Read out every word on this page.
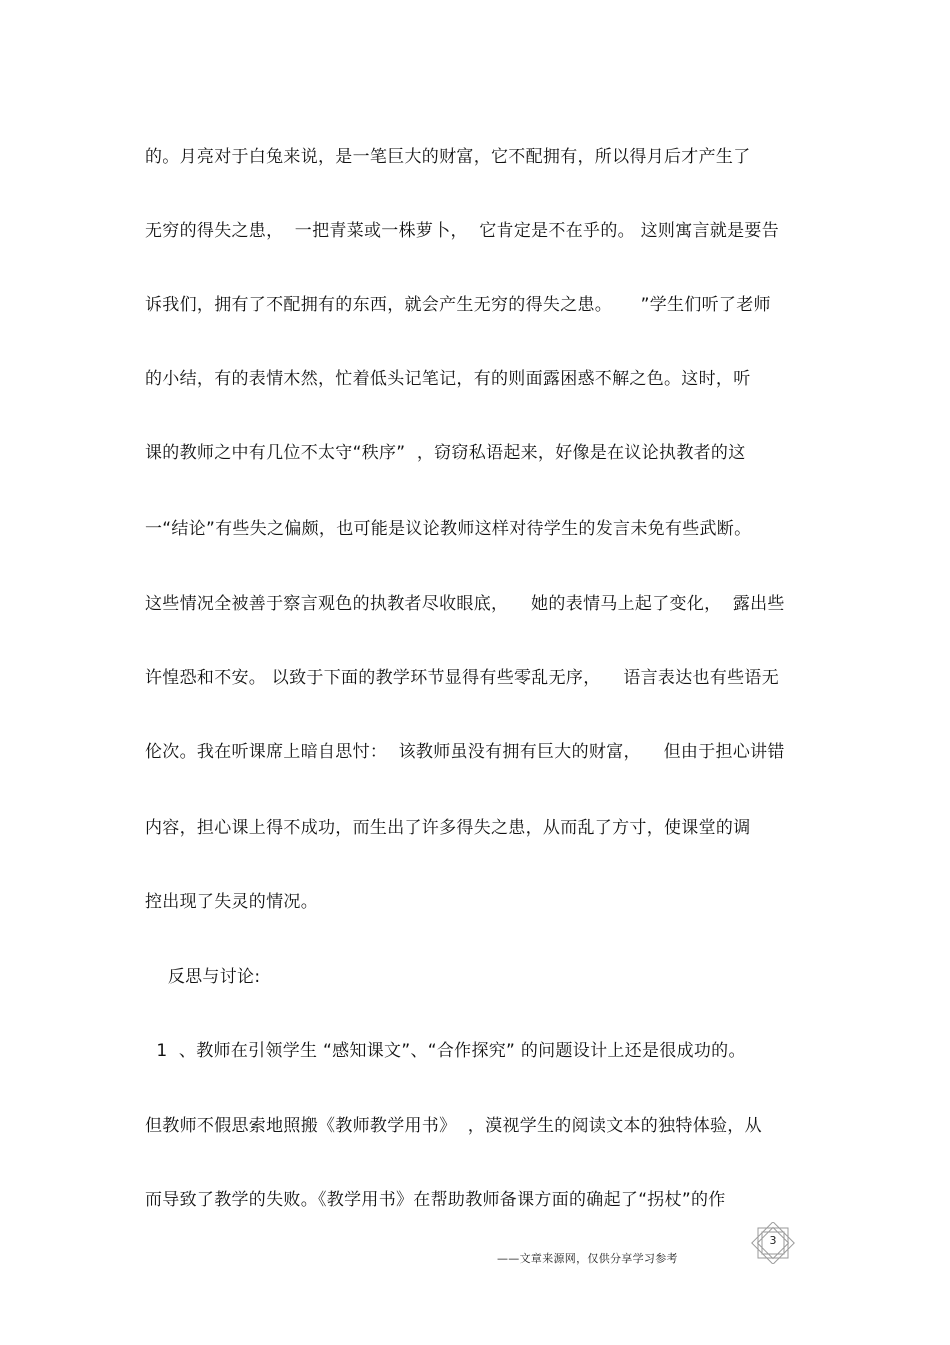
的。月亮对于白兔来说，是一笔巨大的财富，它不配拥有，所以得月后才产生了
无穷的得失之患，  一把青菜或一株萝卜，  它肯定是不在乎的。 这则寓言就是要告
诉我们，拥有了不配拥有的东西，就会产生无穷的得失之患。     ”学生们听了老师
的小结，有的表情木然，忙着低头记笔记，有的则面露困惑不解之色。这时，听
课的教师之中有几位不太守“秩序”  ，窃窃私语起来，好像是在议论执教者的这
一“结论”有些失之偏颇，也可能是议论教师这样对待学生的发言未免有些武断。
这些情况全被善于察言观色的执教者尽收眼底，    她的表情马上起了变化，  露出些
许惶恐和不安。 以致于下面的教学环节显得有些零乱无序，    语言表达也有些语无
伦次。我在听课席上暗自思忖：  该教师虽没有拥有巨大的财富，    但由于担心讲错
内容，担心课上得不成功，而生出了许多得失之患，从而乱了方寸，使课堂的调
控出现了失灵的情况。
反思与讨论:
1  、教师在引领学生 “感知课文”、“合作探究” 的问题设计上还是很成功的。
但教师不假思索地照搬《教师教学用书》  ，漠视学生的阅读文本的独特体验，从
而导致了教学的失败。《教学用书》在帮助教师备课方面的确起了“拐杖”的作
——文章来源网，仅供分享学习参考
3
